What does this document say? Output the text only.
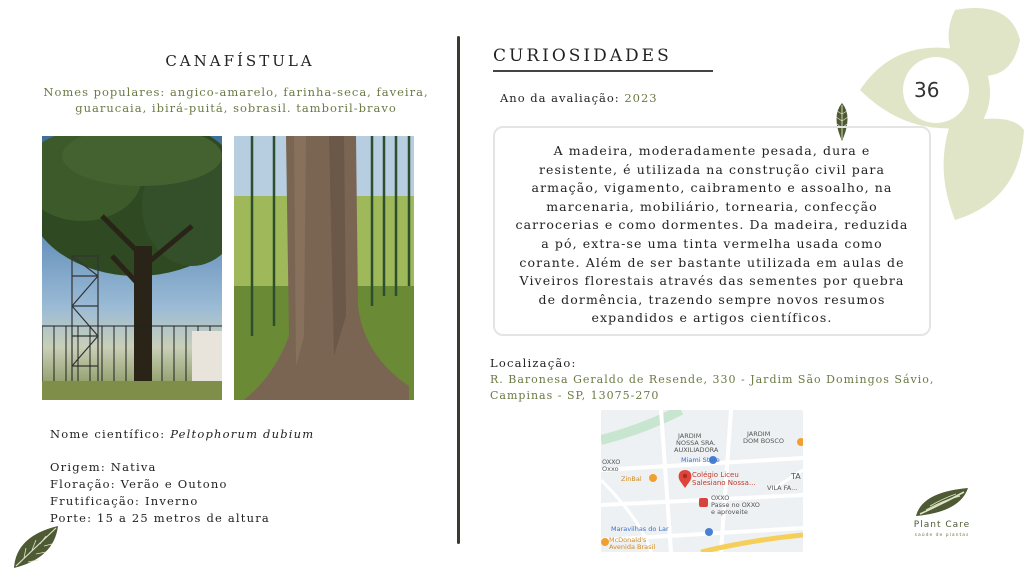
CANAFÍSTULA
Nomes populares: angico-amarelo, farinha-seca, faveira,
guarucaia, ibirá-puitá, sobrasil. tamboril-bravo
Nome científico: Peltophorum dubium
Origem: Nativa
Floração: Verão e Outono
Frutificação: Inverno
Porte: 15 a 25 metros de altura
CURIOSIDADES
Ano da avaliação: 2023
A madeira, moderadamente pesada, dura e resistente, é utilizada na construção civil para armação, vigamento, caibramento e assoalho, na marcenaria, mobiliário, tornearia, confecção carrocerias e como dormentes. Da madeira, reduzida a pó, extra-se uma tinta vermelha usada como corante. Além de ser bastante utilizada em aulas de Viveiros florestais através das sementes por quebra de dormência, trazendo sempre novos resumos expandidos e artigos científicos.
Localização:
R. Baronesa Geraldo de Resende, 330 - Jardim São Domingos Sávio,
Campinas - SP, 13075-270
JARDIM
NOSSA SRA.
AUXILIADORA
JARDIM
DOM BOSCO
Miami Store
OXXO
Oxxo
Colégio Liceu
Salesiano Nossa...
ZinBal
OXXO
Passe no OXXO
e aproveite
VILA FA...
TA
Maravilhas do Lar
McDonald's
Avenida Brasil
36
Plant Care
saúde de plantas
